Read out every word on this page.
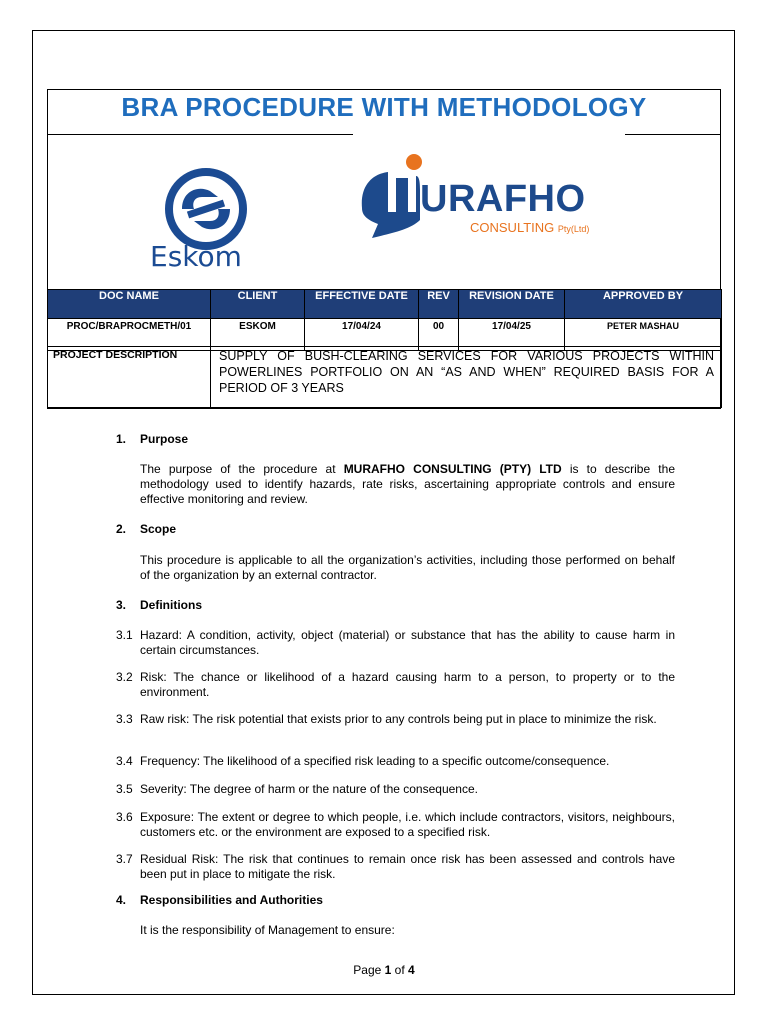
BRA PROCEDURE WITH METHODOLOGY
Eskom
URAFHO
CONSULTING Pty(Ltd)
DOC NAME	CLIENT	EFFECTIVE DATE	REV	REVISION DATE	APPROVED BY
PROC/BRAPROCMETH/01	ESKOM	17/04/24	00	17/04/25	PETER MASHAU
PROJECT DESCRIPTION	SUPPLY OF BUSH-CLEARING SERVICES FOR VARIOUS PROJECTS WITHIN POWERLINES PORTFOLIO ON AN “AS AND WHEN” REQUIRED BASIS FOR A PERIOD OF 3 YEARS
1. Purpose
The purpose of the procedure at MURAFHO CONSULTING (PTY) LTD is to describe the methodology used to identify hazards, rate risks, ascertaining appropriate controls and ensure effective monitoring and review.
2. Scope
This procedure is applicable to all the organization’s activities, including those performed on behalf of the organization by an external contractor.
3. Definitions
3.1 Hazard: A condition, activity, object (material) or substance that has the ability to cause harm in certain circumstances.
3.2 Risk: The chance or likelihood of a hazard causing harm to a person, to property or to the environment.
3.3 Raw risk: The risk potential that exists prior to any controls being put in place to minimize the risk.
3.4 Frequency: The likelihood of a specified risk leading to a specific outcome/consequence.
3.5 Severity: The degree of harm or the nature of the consequence.
3.6 Exposure: The extent or degree to which people, i.e. which include contractors, visitors, neighbours, customers etc. or the environment are exposed to a specified risk.
3.7 Residual Risk: The risk that continues to remain once risk has been assessed and controls have been put in place to mitigate the risk.
4. Responsibilities and Authorities
It is the responsibility of Management to ensure:
Page 1 of 4
